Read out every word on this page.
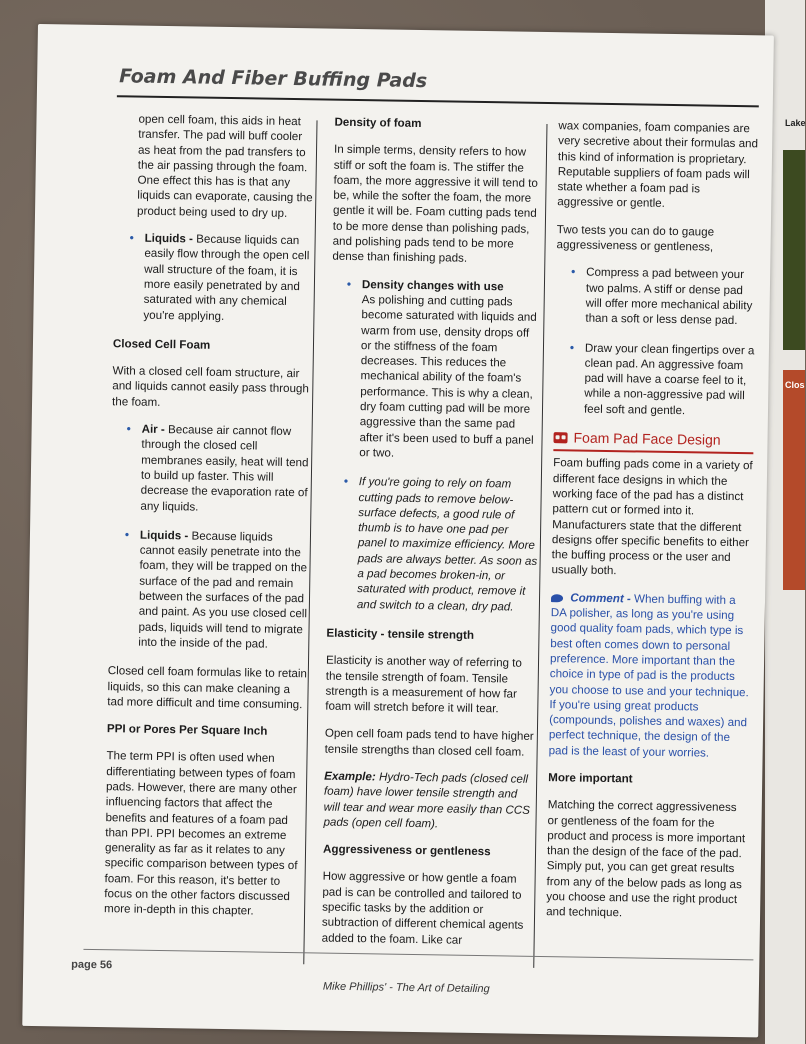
Lake
Clos
Foam And Fiber Buffing Pads

open cell foam, this aids in heat transfer. The pad will buff cooler as heat from the pad transfers to the air passing through the foam. One effect this has is that any liquids can evaporate, causing the product being used to dry up.

• Liquids - Because liquids can easily flow through the open cell wall structure of the foam, it is more easily penetrated by and saturated with any chemical you're applying.

Closed Cell Foam

With a closed cell foam structure, air and liquids cannot easily pass through the foam.

• Air - Because air cannot flow through the closed cell membranes easily, heat will tend to build up faster. This will decrease the evaporation rate of any liquids.
• Liquids - Because liquids cannot easily penetrate into the foam, they will be trapped on the surface of the pad and remain between the surfaces of the pad and paint. As you use closed cell pads, liquids will tend to migrate into the inside of the pad.

Closed cell foam formulas like to retain liquids, so this can make cleaning a tad more difficult and time consuming.

PPI or Pores Per Square Inch

The term PPI is often used when differentiating between types of foam pads. However, there are many other influencing factors that affect the benefits and features of a foam pad than PPI. PPI becomes an extreme generality as far as it relates to any specific comparison between types of foam. For this reason, it's better to focus on the other factors discussed more in-depth in this chapter.

Density of foam

In simple terms, density refers to how stiff or soft the foam is. The stiffer the foam, the more aggressive it will tend to be, while the softer the foam, the more gentle it will be. Foam cutting pads tend to be more dense than polishing pads, and polishing pads tend to be more dense than finishing pads.

• Density changes with use
As polishing and cutting pads become saturated with liquids and warm from use, density drops off or the stiffness of the foam decreases. This reduces the mechanical ability of the foam's performance. This is why a clean, dry foam cutting pad will be more aggressive than the same pad after it's been used to buff a panel or two.
• If you're going to rely on foam cutting pads to remove below-surface defects, a good rule of thumb is to have one pad per panel to maximize efficiency. More pads are always better. As soon as a pad becomes broken-in, or saturated with product, remove it and switch to a clean, dry pad.

Elasticity - tensile strength

Elasticity is another way of referring to the tensile strength of foam. Tensile strength is a measurement of how far foam will stretch before it will tear.

Open cell foam pads tend to have higher tensile strengths than closed cell foam.

Example: Hydro-Tech pads (closed cell foam) have lower tensile strength and will tear and wear more easily than CCS pads (open cell foam).

Aggressiveness or gentleness

How aggressive or how gentle a foam pad is can be controlled and tailored to specific tasks by the addition or subtraction of different chemical agents added to the foam. Like car

wax companies, foam companies are very secretive about their formulas and this kind of information is proprietary. Reputable suppliers of foam pads will state whether a foam pad is aggressive or gentle.

Two tests you can do to gauge aggressiveness or gentleness,

• Compress a pad between your two palms. A stiff or dense pad will offer more mechanical ability than a soft or less dense pad.
• Draw your clean fingertips over a clean pad. An aggressive foam pad will have a coarse feel to it, while a non-aggressive pad will feel soft and gentle.
Foam Pad Face Design

Foam buffing pads come in a variety of different face designs in which the working face of the pad has a distinct pattern cut or formed into it. Manufacturers state that the different designs offer specific benefits to either the buffing process or the user and usually both.

Comment - When buffing with a DA polisher, as long as you're using good quality foam pads, which type is best often comes down to personal preference. More important than the choice in type of pad is the products you choose to use and your technique. If you're using great products (compounds, polishes and waxes) and perfect technique, the design of the pad is the least of your worries.

More important

Matching the correct aggressiveness or gentleness of the foam for the product and process is more important than the design of the face of the pad. Simply put, you can get great results from any of the below pads as long as you choose and use the right product and technique.

page 56
Mike Phillips' - The Art of Detailing
